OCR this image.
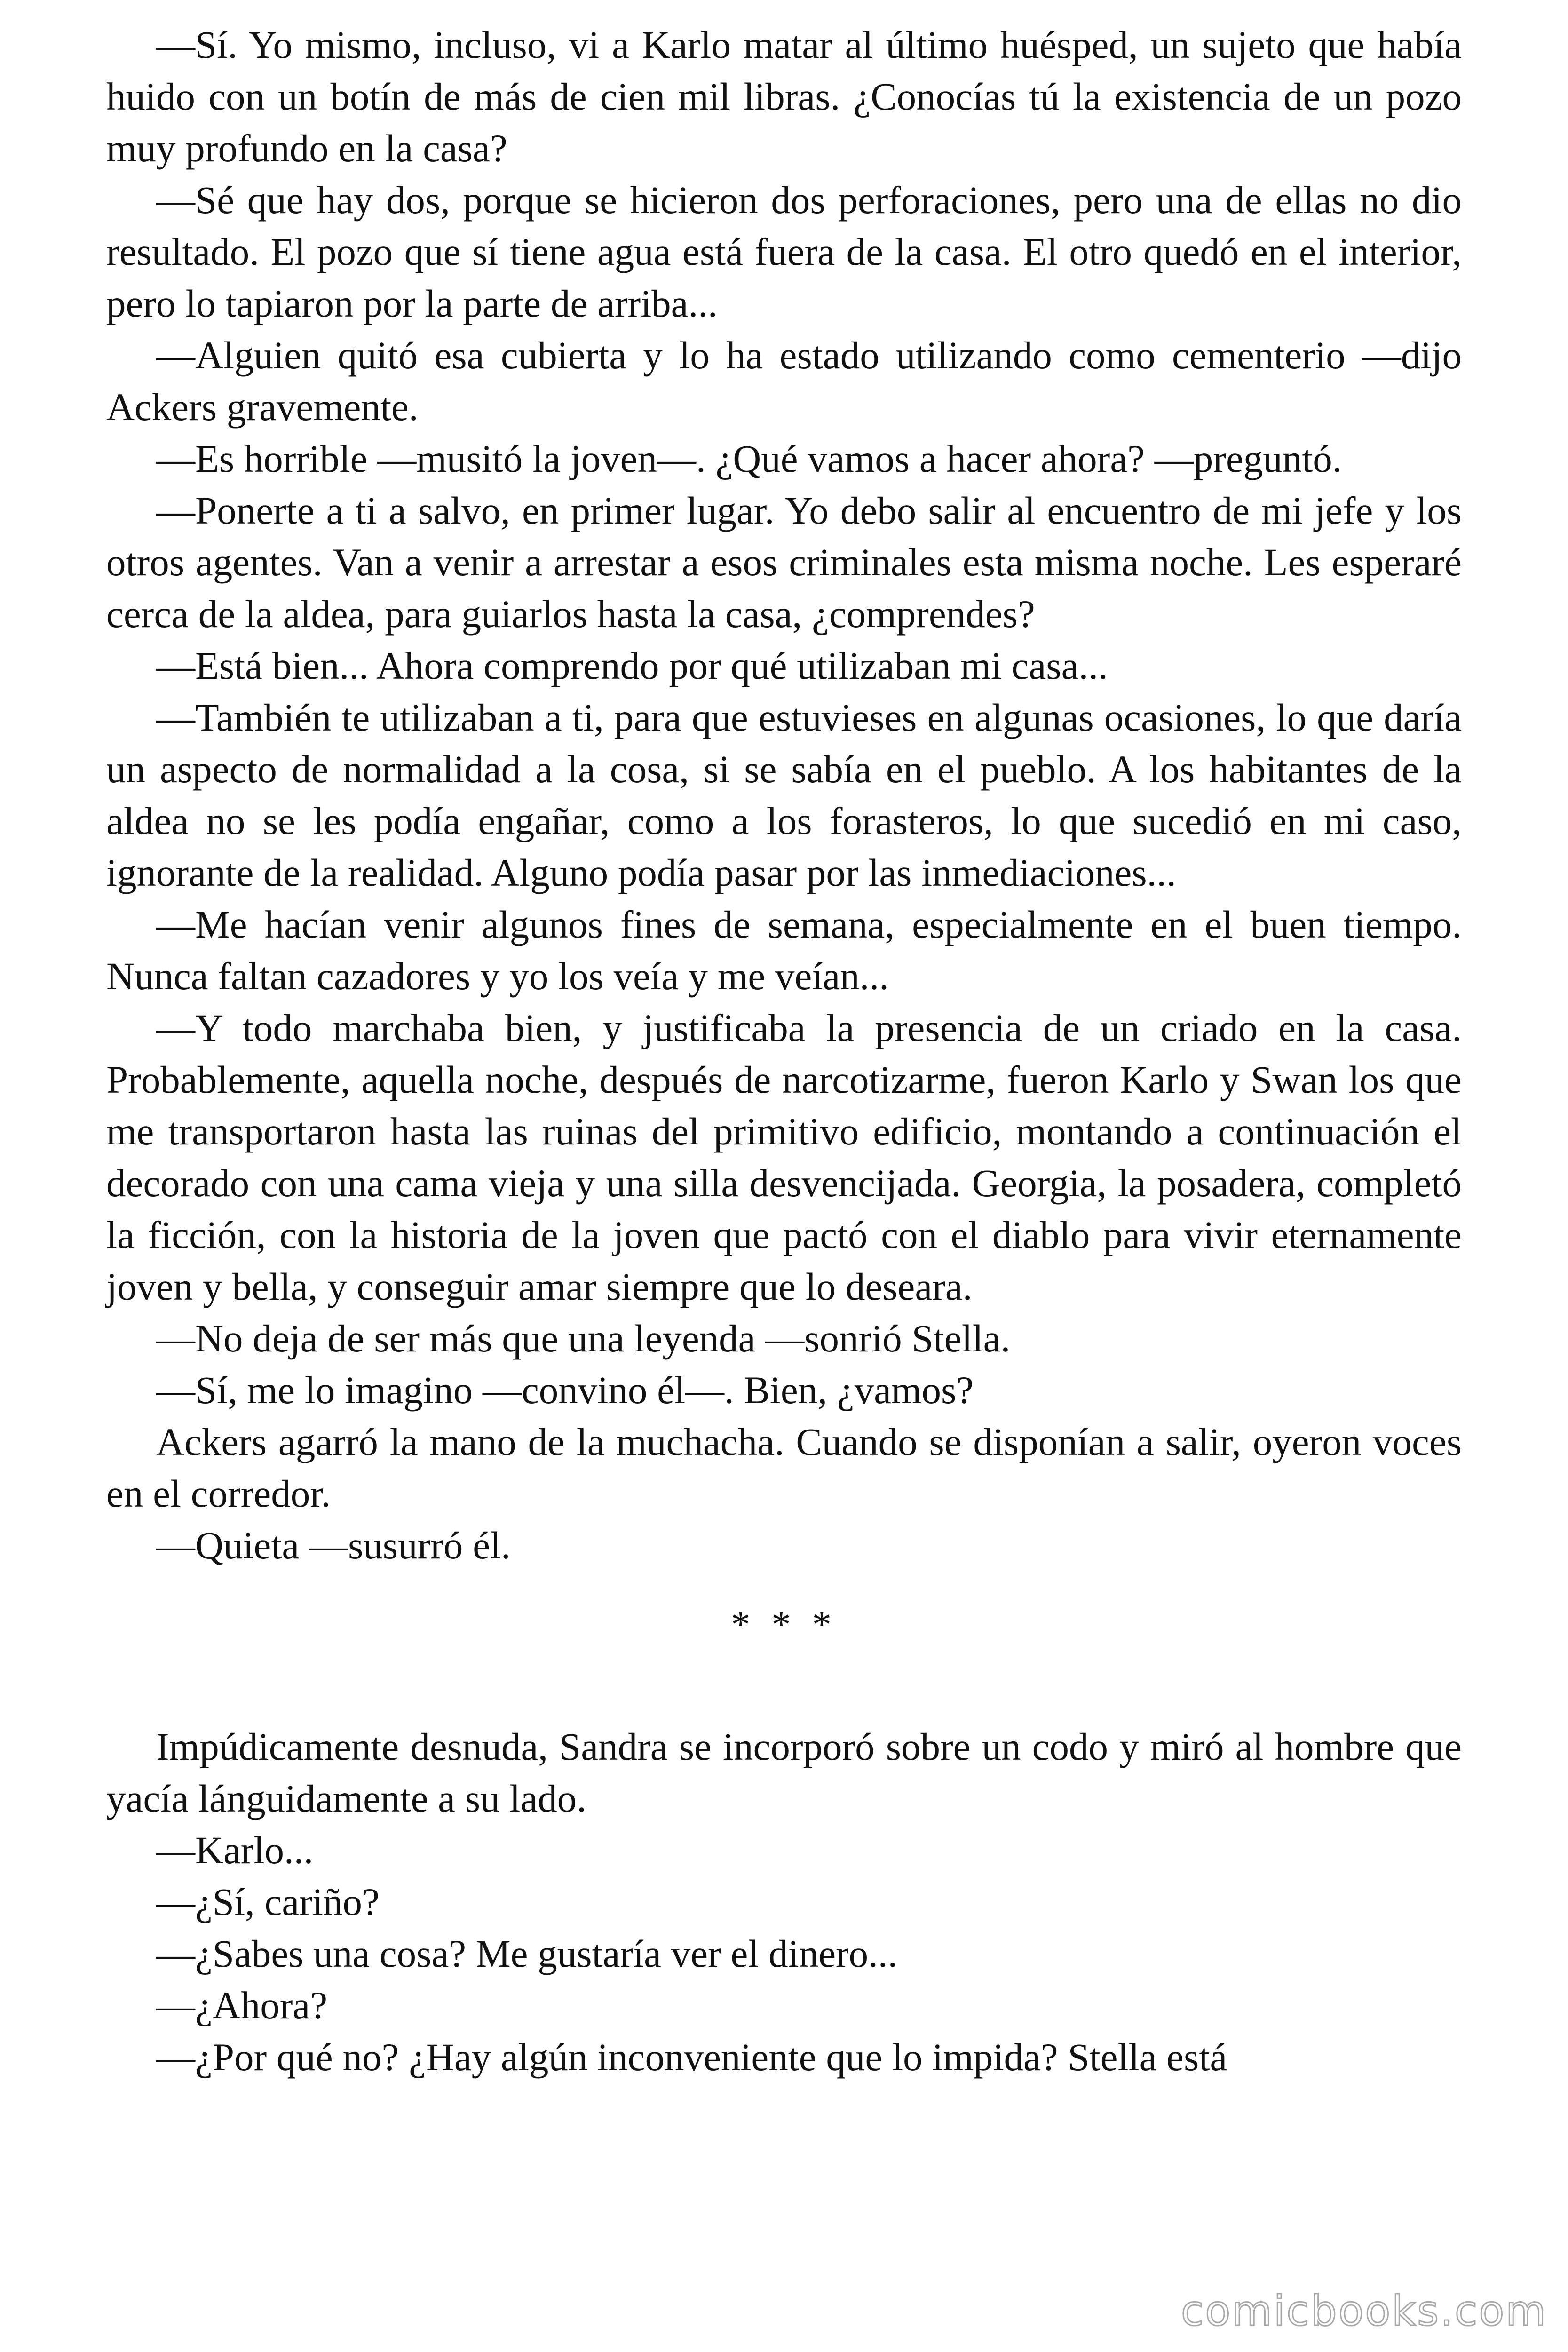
—Sí. Yo mismo, incluso, vi a Karlo matar al último huésped, un sujeto que había huido con un botín de más de cien mil libras. ¿Conocías tú la existencia de un pozo muy profundo en la casa?

—Sé que hay dos, porque se hicieron dos perforaciones, pero una de ellas no dio resultado. El pozo que sí tiene agua está fuera de la casa. El otro quedó en el interior, pero lo tapiaron por la parte de arriba...

—Alguien quitó esa cubierta y lo ha estado utilizando como cementerio —dijo Ackers gravemente.

—Es horrible —musitó la joven—. ¿Qué vamos a hacer ahora? —preguntó.

—Ponerte a ti a salvo, en primer lugar. Yo debo salir al encuentro de mi jefe y los otros agentes. Van a venir a arrestar a esos criminales esta misma noche. Les esperaré cerca de la aldea, para guiarlos hasta la casa, ¿comprendes?

—Está bien... Ahora comprendo por qué utilizaban mi casa...

—También te utilizaban a ti, para que estuvieses en algunas ocasiones, lo que daría un aspecto de normalidad a la cosa, si se sabía en el pueblo. A los habitantes de la aldea no se les podía engañar, como a los forasteros, lo que sucedió en mi caso, ignorante de la realidad. Alguno podía pasar por las inmediaciones...

—Me hacían venir algunos fines de semana, especialmente en el buen tiempo. Nunca faltan cazadores y yo los veía y me veían...

—Y todo marchaba bien, y justificaba la presencia de un criado en la casa. Probablemente, aquella noche, después de narcotizarme, fueron Karlo y Swan los que me transportaron hasta las ruinas del primitivo edificio, montando a continuación el decorado con una cama vieja y una silla desvencijada. Georgia, la posadera, completó la ficción, con la historia de la joven que pactó con el diablo para vivir eternamente joven y bella, y conseguir amar siempre que lo deseara.

—No deja de ser más que una leyenda —sonrió Stella.

—Sí, me lo imagino —convino él—. Bien, ¿vamos?

Ackers agarró la mano de la muchacha. Cuando se disponían a salir, oyeron voces en el corredor.

—Quieta —susurró él.

* * *

Impúdicamente desnuda, Sandra se incorporó sobre un codo y miró al hombre que yacía lánguidamente a su lado.

—Karlo...

—¿Sí, cariño?

—¿Sabes una cosa? Me gustaría ver el dinero...

—¿Ahora?

—¿Por qué no? ¿Hay algún inconveniente que lo impida? Stella está

comicbooks.com
